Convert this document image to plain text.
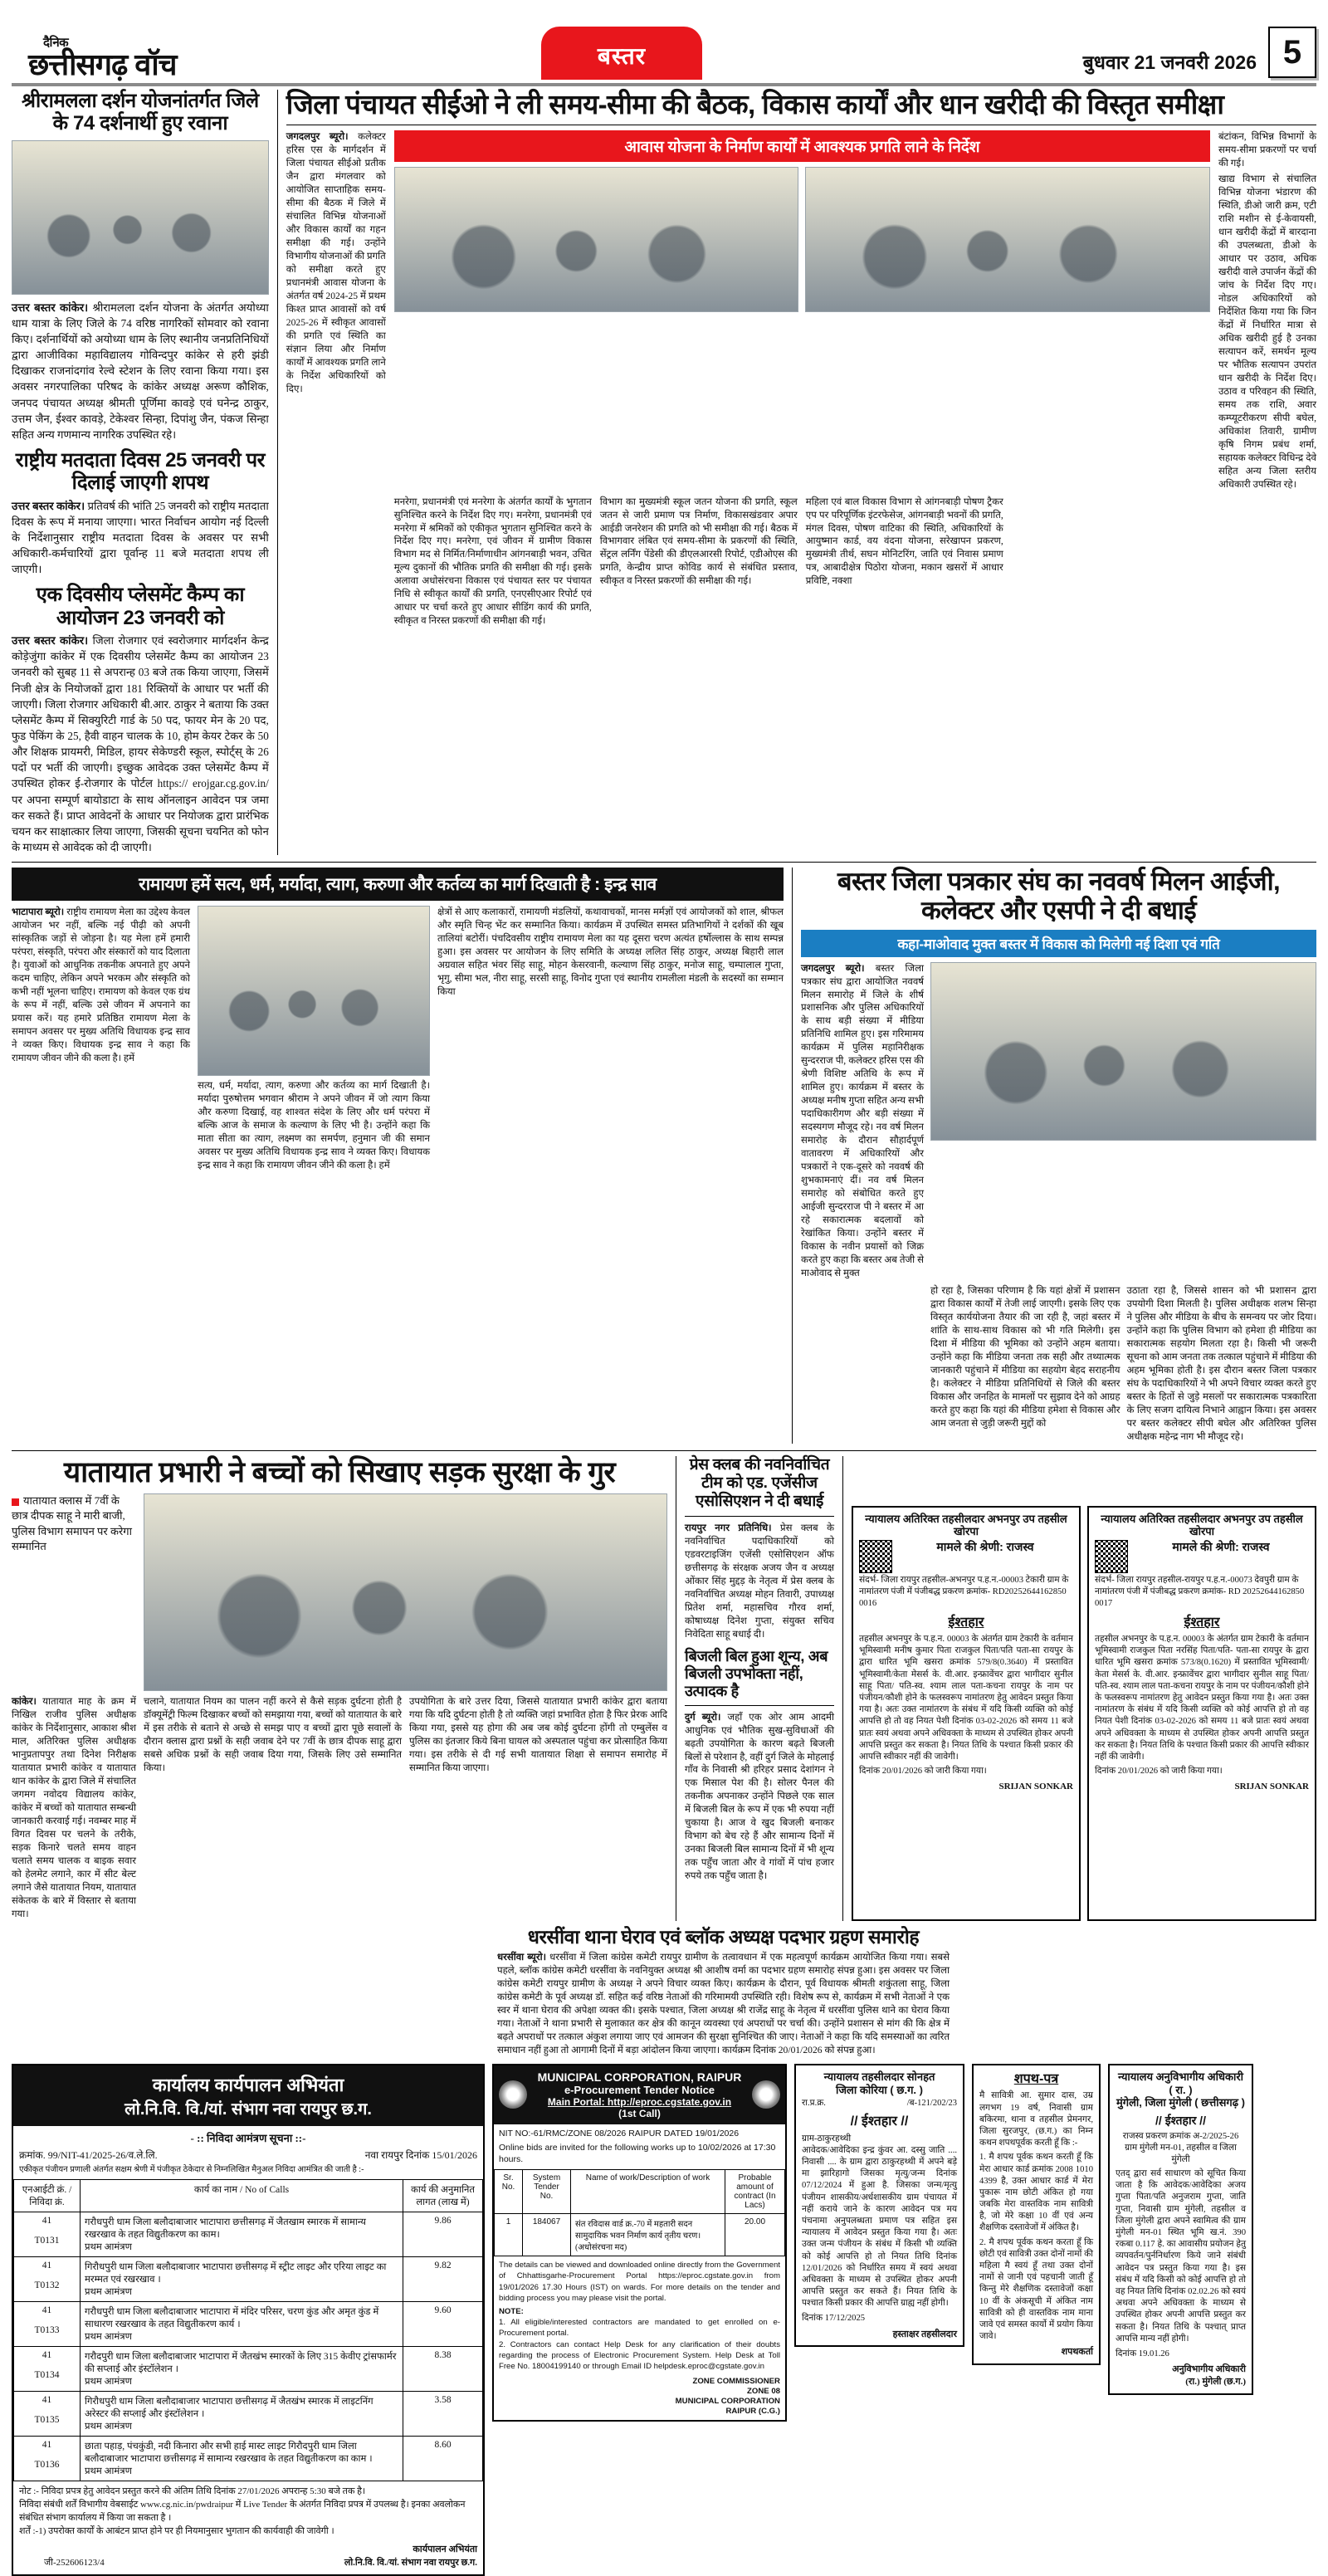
दैनिक
छत्तीसगढ़ वॉच	बस्तर	बुधवार 21 जनवरी 2026 5
श्रीरामलला दर्शन योजनांतर्गत जिले के 74 दर्शनार्थी हुए रवाना
उत्तर बस्तर कांकेर। श्रीरामलला दर्शन योजना के अंतर्गत अयोध्या धाम यात्रा के लिए जिले के 74 वरिष्ठ नागरिकों सोमवार को रवाना किए। दर्शनार्थियों को अयोध्या धाम के लिए स्थानीय जनप्रतिनिधियों द्वारा आजीविका महाविद्यालय गोविन्दपुर कांकेर से हरी झंडी दिखाकर राजनांदगांव रेल्वे स्टेशन के लिए रवाना किया गया। इस अवसर नगरपालिका परिषद के कांकेर अध्यक्ष अरूण कौशिक, जनपद पंचायत अध्यक्ष श्रीमती पूर्णिमा कावड़े एवं घनेन्द्र ठाकुर, उत्तम जैन, ईश्वर कावड़े, टेकेश्वर सिन्हा, दिपांशु जैन, पंकज सिन्हा सहित अन्य गणमान्य नागरिक उपस्थित रहे।
राष्ट्रीय मतदाता दिवस 25 जनवरी पर दिलाई जाएगी शपथ
उत्तर बस्तर कांकेर। प्रतिवर्ष की भांति 25 जनवरी को राष्ट्रीय मतदाता दिवस के रूप में मनाया जाएगा। भारत निर्वाचन आयोग नई दिल्ली के निर्देशानुसार राष्ट्रीय मतदाता दिवस के अवसर पर सभी अधिकारी-कर्मचारियों द्वारा पूर्वान्ह 11 बजे मतदाता शपथ ली जाएगी।
एक दिवसीय प्लेसमेंट कैम्प का आयोजन 23 जनवरी को
उत्तर बस्तर कांकेर। जिला रोजगार एवं स्वरोजगार मार्गदर्शन केन्द्र कोड़ेजुंगा कांकेर में एक दिवसीय प्लेसमेंट कैम्प का आयोजन 23 जनवरी को सुबह 11 से अपरान्ह 03 बजे तक किया जाएगा, जिसमें निजी क्षेत्र के नियोजकों द्वारा 181 रिक्तियों के आधार पर भर्ती की जाएगी। जिला रोजगार अधिकारी बी.आर. ठाकुर ने बताया कि उक्त प्लेसमेंट कैम्प में सिक्युरिटी गार्ड के 50 पद, फायर मेन के 20 पद, फुड पेकिंग के 25, हैवी वाहन चालक के 10, होम केयर टेकर के 50 और शिक्षक प्रायमरी, मिडिल, हायर सेकेण्डरी स्कूल, स्पोर्ट्स् के 26 पदों पर भर्ती की जाएगी। इच्छुक आवेदक उक्त प्लेसमेंट कैम्प में उपस्थित होकर ई-रोजगार के पोर्टल https:// erojgar.cg.gov.in/ पर अपना सम्पूर्ण बायोडाटा के साथ ऑनलाइन आवेदन पत्र जमा कर सकते हैं। प्राप्त आवेदनों के आधार पर नियोजक द्वारा प्रारंभिक चयन कर साक्षात्कार लिया जाएगा, जिसकी सूचना चयनित को फोन के माध्यम से आवेदक को दी जाएगी।
जिला पंचायत सीईओ ने ली समय-सीमा की बैठक, विकास कार्यों और धान खरीदी की विस्तृत समीक्षा
जगदलपुर ब्यूरो। कलेक्टर हरिस एस के मार्गदर्शन में जिला पंचायत सीईओ प्रतीक जैन द्वारा मंगलवार को आयोजित साप्ताहिक समय-सीमा की बैठक में जिले में संचालित विभिन्न योजनाओं और विकास कार्यों का गहन समीक्षा की गई। उन्होंने विभागीय योजनाओं की प्रगति को समीक्षा करते हुए प्रधानमंत्री आवास योजना के अंतर्गत वर्ष 2024-25 में प्रथम किश्त प्राप्त आवासों को वर्ष 2025-26 में स्वीकृत आवासों की प्रगति एवं स्थिति का संज्ञान लिया और निर्माण कार्यों में आवश्यक प्रगति लाने के निर्देश अधिकारियों को दिए।
आवास योजना के निर्माण कार्यों में आवश्यक प्रगति लाने के निर्देश
बंटांकन, विभिन्न विभागों के समय-सीमा प्रकरणों पर चर्चा की गई।
खाद्य विभाग से संचालित विभिन्न योजना भंडारण की स्थिति, डीओ जारी क्रम, एटी राशि मशीन से ई-केवायसी, धान खरीदी केंद्रों में बारदाना की उपलब्धता, डीओ के आधार पर उठाव, अधिक खरीदी वाले उपार्जन केंद्रों की जांच के निर्देश दिए गए। नोडल अधिकारियों को निर्देशित किया गया कि जिन केंद्रों में निर्धारित मात्रा से अधिक खरीदी हुई है उनका सत्यापन करें, समर्थन मूल्य पर भौतिक सत्यापन उपरांत धान खरीदी के निर्देश दिए। उठाव व परिवहन की स्थिति, समय तक राशि, अवार कम्प्यूटरीकरण सीपी बघेल, अधिकांश तिवारी, ग्रामीण कृषि निगम प्रबंध शर्मा, सहायक कलेक्टर विधिन्द्र देवे सहित अन्य जिला स्तरीय अधिकारी उपस्थित रहे।
मनरेगा, प्रधानमंत्री एवं मनरेगा के अंतर्गत कार्यों के भुगतान सुनिश्चित करने के निर्देश दिए गए। मनरेगा, प्रधानमंत्री एवं मनरेगा में श्रमिकों को एकीकृत भुगतान सुनिश्चित करने के निर्देश दिए गए। मनरेगा, एवं जीवन में ग्रामीण विकास विभाग मद से निर्मित/निर्माणाधीन आंगनबाड़ी भवन, उचित मूल्य दुकानों की भौतिक प्रगति की समीक्षा की गई। इसके अलावा अधोसंरचना विकास एवं पंचायत स्तर पर पंचायत निधि से स्वीकृत कार्यों की प्रगति, एनएसीएआर रिपोर्ट एवं आधार पर चर्चा करते हुए आधार सीडिंग कार्य की प्रगति, स्वीकृत व निरस्त प्रकरणों की समीक्षा की गई।
विभाग का मुख्यमंत्री स्कूल जतन योजना की प्रगति, स्कूल जतन से जारी प्रमाण पत्र निर्माण, विकासखंडवार अपार आईडी जनरेशन की प्रगति को भी समीक्षा की गई। बैठक में विभागवार लंबित एवं समय-सीमा के प्रकरणों की स्थिति, सेंट्रल लर्निंग पेंडेसी की डीएलआरसी रिपोर्ट, एडीओएस की प्रगति, केन्द्रीय प्राप्त कोविड कार्य से संबंधित प्रस्ताव, स्वीकृत व निरस्त प्रकरणों की समीक्षा की गई।
महिला एवं बाल विकास विभाग से आंगनबाड़ी पोषण ट्रैकर एप पर परिपूर्णिक इंटरफेसेज, आंगनबाड़ी भवनों की प्रगति, मंगल दिवस, पोषण वाटिका की स्थिति, अधिकारियों के आयुष्मान कार्ड, वय वंदना योजना, सरेखापन प्रकरण, मुख्यमंत्री तीर्थ, सघन मोनिटरिंग, जाति एवं निवास प्रमाण पत्र, आबादीक्षेत्र पिठोरा योजना, मकान खसरों में आधार प्रविष्टि, नक्शा
रामायण हमें सत्य, धर्म, मर्यादा, त्याग, करुणा और कर्तव्य का मार्ग दिखाती है : इन्द्र साव
भाटापारा ब्यूरो। राष्ट्रीय रामायण मेला का उद्देश्य केवल आयोजन भर नहीं, बल्कि नई पीढ़ी को अपनी सांस्कृतिक जड़ों से जोड़ना है। यह मेला हमें हमारी परंपरा, संस्कृति, परंपरा और संस्कारों को याद दिलाता है। युवाओं को आधुनिक तकनीक अपनाते हुए अपने कदम चाहिए, लेकिन अपने भरकम और संस्कृति को कभी नहीं भूलना चाहिए। रामायण को केवल एक ग्रंथ के रूप में नहीं, बल्कि उसे जीवन में अपनाने का प्रयास करें। यह हमारे प्रतिष्ठित रामायण मेला के समापन अवसर पर मुख्य अतिथि विधायक इन्द्र साव ने व्यक्त किए। विधायक इन्द्र साव ने कहा कि रामायण जीवन जीने की कला है। हमें
सत्य, धर्म, मर्यादा, त्याग, करुणा और कर्तव्य का मार्ग दिखाती है। मर्यादा पुरुषोत्तम भगवान श्रीराम ने अपने जीवन में जो त्याग किया और करुणा दिखाई, वह शाश्वत संदेश के लिए और धर्म परंपरा में बल्कि आज के समाज के कल्याण के लिए भी है। उन्होंने कहा कि माता सीता का त्याग, लक्ष्मण का समर्पण, हनुमान जी की समान अवसर पर मुख्य अतिथि विधायक इन्द्र साव ने व्यक्त किए। विधायक इन्द्र साव ने कहा कि रामायण जीवन जीने की कला है। हमें
क्षेत्रों से आए कलाकारों, रामायणी मंडलियों, कथावाचकों, मानस मर्मज्ञों एवं आयोजकों को शाल, श्रीफल और स्मृति चिन्ह भेंट कर सम्मानित किया। कार्यक्रम में उपस्थित समस्त प्रतिभागियों ने दर्शकों की खूब तालियां बटोरीं। पंचदिवसीय राष्ट्रीय रामायण मेला का यह दूसरा चरण अत्यंत हर्षोल्लास के साथ सम्पन्न हुआ। इस अवसर पर आयोजन के लिए समिति के अध्यक्ष ललित सिंह ठाकुर, अध्यक्ष बिहारी लाल अग्रवाल सहित भंवर सिंह साहू, मोहन केसरवानी, कल्याण सिंह ठाकुर, मनोज साहू, चम्पालाल गुप्ता, भृगु, सीमा भल, नीरा साहू, सरसी साहू, विनोद गुप्ता एवं स्थानीय रामलीला मंडली के सदस्यों का सम्मान किया
बस्तर जिला पत्रकार संघ का नववर्ष मिलन आईजी, कलेक्टर और एसपी ने दी बधाई
कहा-माओवाद मुक्त बस्तर में विकास को मिलेगी नई दिशा एवं गति
जगदलपुर ब्यूरो। बस्तर जिला पत्रकार संघ द्वारा आयोजित नववर्ष मिलन समारोह में जिले के शीर्ष प्रशासनिक और पुलिस अधिकारियों के साथ बड़ी संख्या में मीडिया प्रतिनिधि शामिल हुए। इस गरिमामय कार्यक्रम में पुलिस महानिरीक्षक सुन्दरराज पी, कलेक्टर हरिस एस की श्रेणी विशिष्ट अतिथि के रूप में शामिल हुए। कार्यक्रम में बस्तर के अध्यक्ष मनीष गुप्ता सहित अन्य सभी पदाधिकारीगण और बड़ी संख्या में सदस्यगण मौजूद रहे। नव वर्ष मिलन समारोह के दौरान सौहार्दपूर्ण वातावरण में अधिकारियों और पत्रकारों ने एक-दूसरे को नववर्ष की शुभकामनाएं दीं। नव वर्ष मिलन समारोह को संबोधित करते हुए आईजी सुन्दरराज पी ने बस्तर में आ रहे सकारात्मक बदलावों को रेखांकित किया। उन्होंने बस्तर में विकास के नवीन प्रयासों को जिक्र करते हुए कहा कि बस्तर अब तेजी से माओवाद से मुक्त
हो रहा है, जिसका परिणाम है कि यहां क्षेत्रों में प्रशासन द्वारा विकास कार्यों में तेजी लाई जाएगी। इसके लिए एक विस्तृत कार्ययोजना तैयार की जा रही है, जहां बस्तर में शांति के साथ-साथ विकास को भी गति मिलेगी। इस दिशा में मीडिया की भूमिका को उन्होंने अहम बताया। उन्होंने कहा कि मीडिया जनता तक सही और तथ्यात्मक जानकारी पहुंचाने में मीडिया का सहयोग बेहद सराहनीय है। कलेक्टर ने मीडिया प्रतिनिधियों से जिले की बस्तर विकास और जनहित के मामलों पर सुझाव देने को आग्रह करते हुए कहा कि यहां की मीडिया हमेशा से विकास और आम जनता से जुड़ी जरूरी मुद्दों को
उठाता रहा है, जिससे शासन को भी प्रशासन द्वारा उपयोगी दिशा मिलती है। पुलिस अधीक्षक शलभ सिन्हा ने पुलिस और मीडिया के बीच के समन्वय पर जोर दिया। उन्होंने कहा कि पुलिस विभाग को हमेशा ही मीडिया का सकारात्मक सहयोग मिलता रहा है। किसी भी जरूरी सूचना को आम जनता तक तत्काल पहुंचाने में मीडिया की अहम भूमिका होती है। इस दौरान बस्तर जिला पत्रकार संघ के पदाधिकारियों ने भी अपने विचार व्यक्त करते हुए बस्तर के हितों से जुड़े मसलों पर सकारात्मक पत्रकारिता के लिए सजग दायित्व निभाने आह्वान किया। इस अवसर पर बस्तर कलेक्टर सीपी बघेल और अतिरिक्त पुलिस अधीक्षक महेन्द्र नाग भी मौजूद रहे।
यातायात प्रभारी ने बच्चों को सिखाए सड़क सुरक्षा के गुर
यातायात क्लास में 7वीं के छात्र दीपक साहू ने मारी बाजी, पुलिस विभाग समापन पर करेगा सम्मानित
कांकेर। यातायात माह के क्रम में निखिल राजीव पुलिस अधीक्षक कांकेर के निर्देशानुसार, आकाश श्रीश माल, अतिरिक्त पुलिस अधीक्षक भानुप्रतापपुर तथा दिनेश निरीक्षक यातायात प्रभारी कांकेर व यातायात थान कांकेर के द्वारा जिले में संचालित जगमग नवोदय विद्यालय कांकेर, कांकेर में बच्चों को यातायात सम्बन्धी जानकारी करवाई गई। नवम्बर माह में विगत दिवस पर चलने के तरीके, सड़क किनारे चलते समय वाहन चलाते समय चालक व बाइक सवार को हेलमेट लगाने, कार में सीट बेल्ट लगाने जैसे यातायात नियम, यातायात संकेतक के बारे में विस्तार से बताया गया।
चलाने, यातायात नियम का पालन नहीं करने से कैसे सड़क दुर्घटना होती है डॉक्यूमेंट्री फिल्म दिखाकर बच्चों को समझाया गया, बच्चों को यातायात के बारे में इस तरीके से बताने से अच्छे से समझ पाए व बच्चों द्वारा पूछे सवालों के दौरान क्लास द्वारा प्रश्नों के सही जवाब देने पर 7वीं के छात्र दीपक साहू द्वारा सबसे अधिक प्रश्नों के सही जवाब दिया गया, जिसके लिए उसे सम्मानित किया।
उपयोगिता के बारे उत्तर दिया, जिससे यातायात प्रभारी कांकेर द्वारा बताया गया कि यदि दुर्घटना होती है तो व्यक्ति जहां प्रभावित होता है फिर प्रेरक आदि किया गया, इससे यह होगा की अब जब कोई दुर्घटना होंगी तो एम्बुलेंस व पुलिस का इंतजार किये बिना घायल को अस्पताल पहुंचा कर प्रोत्साहित किया गया। इस तरीके से दी गई सभी यातायात शिक्षा से समापन समारोह में सम्मानित किया जाएगा।
प्रेस क्लब की नवनिर्वाचित टीम को एड. एजेंसीज एसोसिएशन ने दी बधाई
रायपुर नगर प्रतिनिधि। प्रेस क्लब के नवनिर्वाचित पदाधिकारियों को एडवरटाइजिंग एजेंसी एसोसिएशन ऑफ छत्तीसगढ़ के संरक्षक अजय जैन व अध्यक्ष ओंकार सिंह मुद्दड़ के नेतृत्व में प्रेस क्लब के नवनिर्वाचित अध्यक्ष मोहन तिवारी, उपाध्यक्ष प्रितेश शर्मा, महासचिव गौरव शर्मा, कोषाध्यक्ष दिनेश गुप्ता, संयुक्त सचिव निवेदिता साहू बधाई दी।
बिजली बिल हुआ शून्य, अब बिजली उपभोक्ता नहीं, उत्पादक है
दुर्ग ब्यूरो। जहाँ एक ओर आम आदमी आधुनिक एवं भौतिक सुख-सुविधाओं की बढ़ती उपयोगिता के कारण बढ़ते बिजली बिलों से परेशान है, वहीं दुर्ग जिले के मोहलाई गाँव के निवासी श्री हरिहर प्रसाद देशांगन ने एक मिसाल पेश की है। सोलर पैनल की तकनीक अपनाकर उन्होंने पिछले एक साल में बिजली बिल के रूप में एक भी रुपया नहीं चुकाया है। आज वे खुद बिजली बनाकर विभाग को बेच रहे हैं और सामान्य दिनों में उनका बिजली बिल सामान्य दिनों में भी शून्य तक पहुँच जाता और वे गांवों में पांच हजार रुपये तक पहुँच जाता है।
न्यायालय अतिरिक्त तहसीलदार अभनपुर उप तहसील खोरपा
मामले की श्रेणी: राजस्व
संदर्भ- जिला रायपुर तहसील-अभनपुर प.ह.न.-00003 टेकारी ग्राम के नामांतरण पंजी में पंजीबद्ध प्रकरण क्रमांक- RD20252644162850 0016
ईश्तहार
तहसील अभनपुर के प.ह.न. 00003 के अंतर्गत ग्राम टेकारी के वर्तमान भूमिस्वामी मनीष कुमार पिता राजकुल पिता/पति पता-सा रायपुर के द्वारा धारित भूमि खसरा क्रमांक 579/8(0.3640) में प्रस्तावित भूमिस्वामी/केता मेसर्स के. वी.आर. इन्फ्रावेंचर द्वारा भागीदार सुनील साहू पिता/ पति-स्व. श्याम लाल पता-कचना रायपुर के नाम पर पंजीयन/कौशी होने के फलस्वरूप नामांतरण हेतु आवेदन प्रस्तुत किया गया है। अतः उक्त नामांतरण के संबंध में यदि किसी व्यक्ति को कोई आपत्ति हो तो वह नियत पेशी दिनांक 03-02-2026 को समय 11 बजे प्रातः स्वयं अथवा अपने अधिवक्ता के माध्यम से उपस्थित होकर अपनी आपत्ति प्रस्तुत कर सकता है। नियत तिथि के पश्चात किसी प्रकार की आपत्ति स्वीकार नहीं की जावेगी।
दिनांक 20/01/2026 को जारी किया गया।
SRIJAN SONKAR
न्यायालय अतिरिक्त तहसीलदार अभनपुर उप तहसील खोरपा
मामले की श्रेणी: राजस्व
संदर्भ- जिला रायपुर तहसील-रायपुर प.ह.न.-00073 देवपुरी ग्राम के नामांतरण पंजी में पंजीबद्ध प्रकरण क्रमांक- RD 20252644162850 0017
ईश्तहार
तहसील अभनपुर के प.ह.न. 00003 के अंतर्गत ग्राम टेकारी के वर्तमान भूमिस्वामी राजकुल पिता नरसिंह पिता/पति- पता-सा रायपुर के द्वारा धारित भूमि खसरा क्रमांक 573/8(0.1620) में प्रस्तावित भूमिस्वामी/केता मेसर्स के. वी.आर. इन्फ्रावेंचर द्वारा भागीदार सुनील साहू पिता/पति-स्व. श्याम लाल पता-कचना रायपुर के नाम पर पंजीयन/कौशी होने के फलस्वरूप नामांतरण हेतु आवेदन प्रस्तुत किया गया है। अतः उक्त नामांतरण के संबंध में यदि किसी व्यक्ति को कोई आपत्ति हो तो वह नियत पेशी दिनांक 03-02-2026 को समय 11 बजे प्रातः स्वयं अथवा अपने अधिवक्ता के माध्यम से उपस्थित होकर अपनी आपत्ति प्रस्तुत कर सकता है। नियत तिथि के पश्चात किसी प्रकार की आपत्ति स्वीकार नहीं की जावेगी।
दिनांक 20/01/2026 को जारी किया गया।
SRIJAN SONKAR
धरसींवा थाना घेराव एवं ब्लॉक अध्यक्ष पदभार ग्रहण समारोह
धरसींवा ब्यूरो। धरसींवा में जिला कांग्रेस कमेटी रायपुर ग्रामीण के तत्वावधान में एक महत्वपूर्ण कार्यक्रम आयोजित किया गया। सबसे पहले, ब्लॉक कांग्रेस कमेटी धरसींवा के नवनियुक्त अध्यक्ष श्री आशीष वर्मा का पदभार ग्रहण समारोह संपन्न हुआ। इस अवसर पर जिला कांग्रेस कमेटी रायपुर ग्रामीण के अध्यक्ष ने अपने विचार व्यक्त किए। कार्यक्रम के दौरान, पूर्व विधायक श्रीमती शकुंतला साहू, जिला कांग्रेस कमेटी के पूर्व अध्यक्ष डॉ. सहित कई वरिष्ठ नेताओं की गरिमामयी उपस्थिति रही। विशेष रूप से, कार्यक्रम में सभी नेताओं ने एक स्वर में थाना घेराव की अपेक्षा व्यक्त की। इसके पश्चात, जिला अध्यक्ष श्री राजेंद्र साहू के नेतृत्व में धरसींवा पुलिस थाने का घेराव किया गया। नेताओं ने थाना प्रभारी से मुलाकात कर क्षेत्र की कानून व्यवस्था एवं अपराधों पर चर्चा की। उन्होंने प्रशासन से मांग की कि क्षेत्र में बढ़ते अपराधों पर तत्काल अंकुश लगाया जाए एवं आमजन की सुरक्षा सुनिश्चित की जाए। नेताओं ने कहा कि यदि समस्याओं का त्वरित समाधान नहीं हुआ तो आगामी दिनों में बड़ा आंदोलन किया जाएगा। कार्यक्रम दिनांक 20/01/2026 को संपन्न हुआ।
कार्यालय कार्यपालन अभियंता
लो.नि.वि. वि./यां. संभाग नवा रायपुर छ.ग.
- :: निविदा आमंत्रण सूचना ::-
क्रमांक. 99/NIT-41/2025-26/व.ले.लि.	नवा रायपुर दिनांक 15/01/2026
एकीकृत पंजीयन प्रणाली अंतर्गत सक्षम श्रेणी में पंजीकृत ठेकेदार से निम्नलिखित मैनुअल निविदा आमंत्रित की जाती है :-
एनआईटी क्रं. / निविदा क्रं.	कार्य का नाम / No of Calls	कार्य की अनुमानित लागत (लाख में)
41

T0131	गरौधपुरी धाम जिला बलौदाबाजार भाटापारा छत्तीसगढ़ में जैतखाम स्मारक में सामान्य रखरखाव के तहत विद्युतीकरण का काम।
प्रथम आमंत्रण	9.86
41

T0132	गिरौधपुरी धाम जिला बलौदाबाजार भाटापारा छत्तीसगढ़ में स्ट्रीट लाइट और एरिया लाइट का मरम्मत एवं रखरखाव ।
प्रथम आमंत्रण	9.82
41

T0133	गरौधपुरी धाम जिला बलौदाबाजार भाटापारा में मंदिर परिसर, चरण कुंड और अमृत कुंड में साधारण रखरखाव के तहत विद्युतीकरण कार्य ।
प्रथम आमंत्रण	9.60
41

T0134	गरौदपुरी धाम जिला बलौदाबाजार भाटापारा में जैतखंभ स्मारकों के लिए 315 केवीए ट्रांसफार्मर की सप्लाई और इंस्टॉलेशन ।
प्रथम आमंत्रण	8.38
41

T0135	गिरौधपुरी धाम जिला बलौदाबाजार भाटापारा छत्तीसगढ़ में जैतखंभ स्मारक में लाइटनिंग अरेस्टर की सप्लाई और इंस्टॉलेशन ।
प्रथम आमंत्रण	3.58
41

T0136	छाता पहाड़, पंचकुंडी, नदी किनारा और सभी हाई मास्ट लाइट गिरौदपुरी धाम जिला बलौदाबाजार भाटापारा छत्तीसगढ़ में सामान्य रखरखाव के तहत विद्युतीकरण का काम ।
प्रथम आमंत्रण	8.60
नोट :- निविदा प्रपत्र हेतु आवेदन प्रस्तुत करने की अंतिम तिथि दिनांक 27/01/2026 अपरान्ह 5:30 बजे तक है।
निविदा संबंधी शर्तें विभागीय वेबसाईट www.cg.nic.in/pwdraipur में Live Tender के अंतर्गत निविदा प्रपत्र में उपलब्ध है। इनका अवलोकन संबंधित संभाग कार्यालय में किया जा सकता है ।
शर्तें :-1) उपरोक्त कार्यों के आबंटन प्राप्त होने पर ही नियमानुसार भुगतान की कार्यवाही की जावेगी ।
जी-252606123/4
कार्यपालन अभियंता
लो.नि.वि. वि./यां. संभाग नवा रायपुर छ.ग.
MUNICIPAL CORPORATION, RAIPUR
e-Procurement Tender Notice
Main Portal: http://eproc.cgstate.gov.in
(1st Call)
NIT NO:-61/RMC/ZONE 08/2026 RAIPUR DATED 19/01/2026
Online bids are invited for the following works up to 10/02/2026 at 17:30 hours.
Sr. No.	System Tender No.	Name of work/Description of work	Probable amount of contract (In Lacs)
1	184067	संत रविदास वार्ड क्र.-70 में महतारी सदन सामुदायिक भवन निर्माण कार्य तृतीय चरण। (अधोसंरचना मद)	20.00
The details can be viewed and downloaded online directly from the Government of Chhattisgarhe-Procurement Portal https://eproc.cgstate.gov.in from 19/01/2026 17.30 Hours (IST) on wards. For more details on the tender and bidding process you may please visit the portal.
NOTE:
1. All eligible/interested contractors are mandated to get enrolled on e-Procurement portal.
2. Contractors can contact Help Desk for any clarification of their doubts regarding the process of Electronic Procurement System. Help Desk at Toll Free No. 18004199140 or through Email ID helpdesk.eproc@cgstate.gov.in
ZONE COMMISSIONER
ZONE 08
MUNICIPAL CORPORATION
RAIPUR (C.G.)
न्यायालय तहसीलदार सोनहत
जिला कोरिया ( छ.ग. )
रा.प्र.क्र.	/ब-121/202/23
// ईश्तहार //
ग्राम-ठाकुरहथ्थी
आवेदक/आवेदिका इन्द्र कुंवर आ. दस्सु जाति .... निवासी .... के ग्राम द्वारा ठाकुरहथ्थी में अपने बड़े मा झारिहागो जिसका मृत्यु/जन्म दिनांक 07/12/2024 में हुआ है. जिसका जन्म/मृत्यु पंजीयन शासकीय/अर्धशासकीय ग्राम पंचायत में नहीं कराये जाने के कारण आवेदन पत्र मय पंचनामा अनुपलब्धता प्रमाण पत्र सहित इस न्यायालय में आवेदन प्रस्तुत किया गया है। अतः उक्त जन्म पंजीयन के संबंध में किसी भी व्यक्ति को कोई आपत्ति हो तो नियत तिथि दिनांक 12/01/2026 को निर्धारित समय में स्वयं अथवा अधिवक्ता के माध्यम से उपस्थित होकर अपनी आपत्ति प्रस्तुत कर सकते हैं। नियत तिथि के पश्चात किसी प्रकार की आपत्ति ग्राह्य नहीं होगी।
दिनांक 17/12/2025
हस्ताक्षर तहसीलदार
शपथ-पत्र
मै सावित्री आ. सुमार दास, उम्र लगभग 19 वर्ष, निवासी ग्राम बकिरमा, थाना व तहसील प्रेमनगर, जिला सुरजपुर, (छ.ग.) का निम्न कथन शपथपूर्वक करती हूँ कि :-
1. मै शपथ पूर्वक कथन करती हूँ कि मेरा आधार कार्ड क्रमांक 2008 1010 4399 है, उक्त आधार कार्ड में मेरा पुकारू नाम छोटी अंकित हो गया जबकि मेरा वास्तविक नाम सावित्री है, जो मेरे कक्षा 10 वीं एवं अन्य शैक्षणिक दस्तावेजों में अंकित है।
2. मै शपथ पूर्वक कथन करता हूँ कि छोटी एवं सावित्री उक्त दोनों नामों की महिला मै स्वयं हूँ तथा उक्त दोनों नामों से जानी एवं पहचानी जाती हूँ किन्तु मेरे शैक्षणिक दस्तावेजों कक्षा 10 वीं के अंकसूची में अंकित नाम सावित्री को ही वास्तविक नाम माना जावे एवं समस्त कार्यो में प्रयोग किया जावे।
शपथकर्ता
न्यायालय अनुविभागीय अधिकारी ( रा. )
मुंगेली, जिला मुंगेली ( छत्तीसगढ़ )
// ईश्तहार //
राजस्व प्रकरण क्रमांक अ-2/2025-26 ग्राम मुंगेली मन-01, तहसील व जिला मुंगेली
एतद् द्वारा सर्व साधारण को सूचित किया जाता है कि आवेदक/आवेदिका अजय गुप्ता पिता/पति अनुजराम गुप्ता, जाति गुप्ता, निवासी ग्राम मुंगेली, तहसील व जिला मुंगेली द्वारा अपने स्वामित्व की ग्राम मुंगेली मन-01 स्थित भूमि ख.नं. 390 रकबा 0.117 हे. का आवासीय प्रयोजन हेतु व्यपवर्तन/पुर्ननिर्धारण किये जाने संबंधी आवेदन पत्र प्रस्तुत किया गया है। इस संबंध में यदि किसी को कोई आपत्ति हो तो वह नियत तिथि दिनांक 02.02.26 को स्वयं अथवा अपने अधिवक्ता के माध्यम से उपस्थित होकर अपनी आपत्ति प्रस्तुत कर सकता है। नियत तिथि के पश्चात् प्राप्त आपत्ति मान्य नहीं होगी।
दिनांक 19.01.26
अनुविभागीय अधिकारी
(रा.) मुंगेली (छ.ग.)
